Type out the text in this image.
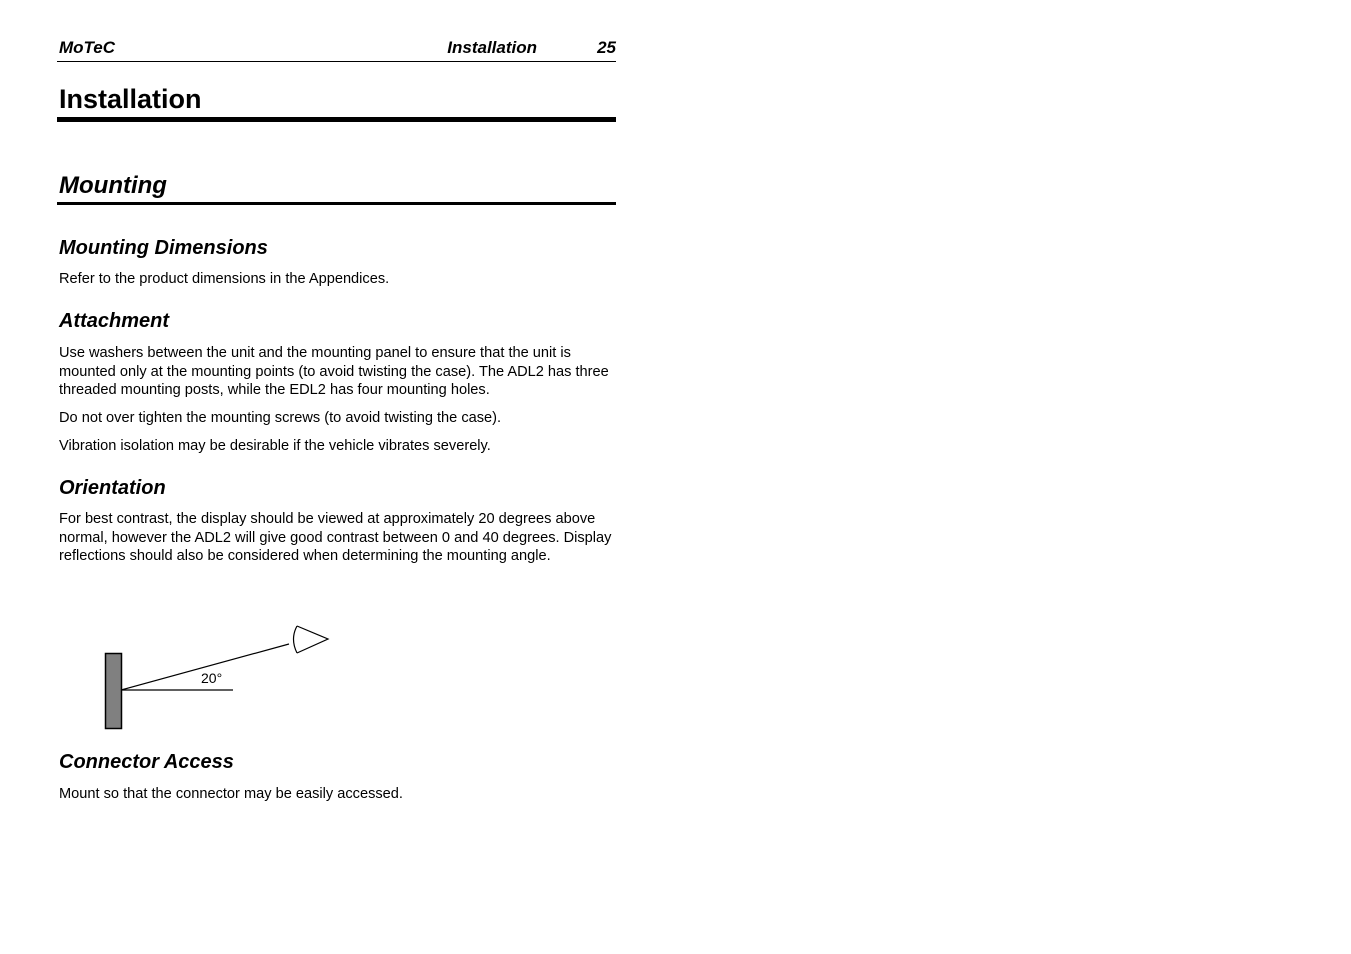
MoTeC	Installation	25
Installation
Mounting
Mounting Dimensions

Refer to the product dimensions in the Appendices.

Attachment

Use washers between the unit and the mounting panel to ensure that the unit is mounted only at the mounting points (to avoid twisting the case). The ADL2 has three threaded mounting posts, while the EDL2 has four mounting holes.

Do not over tighten the mounting screws (to avoid twisting the case).

Vibration isolation may be desirable if the vehicle vibrates severely.

Orientation

For best contrast, the display should be viewed at approximately 20 degrees above normal, however the ADL2 will give good contrast between 0 and 40 degrees. Display reflections should also be considered when determining the mounting angle.

20°
Connector Access

Mount so that the connector may be easily accessed.
